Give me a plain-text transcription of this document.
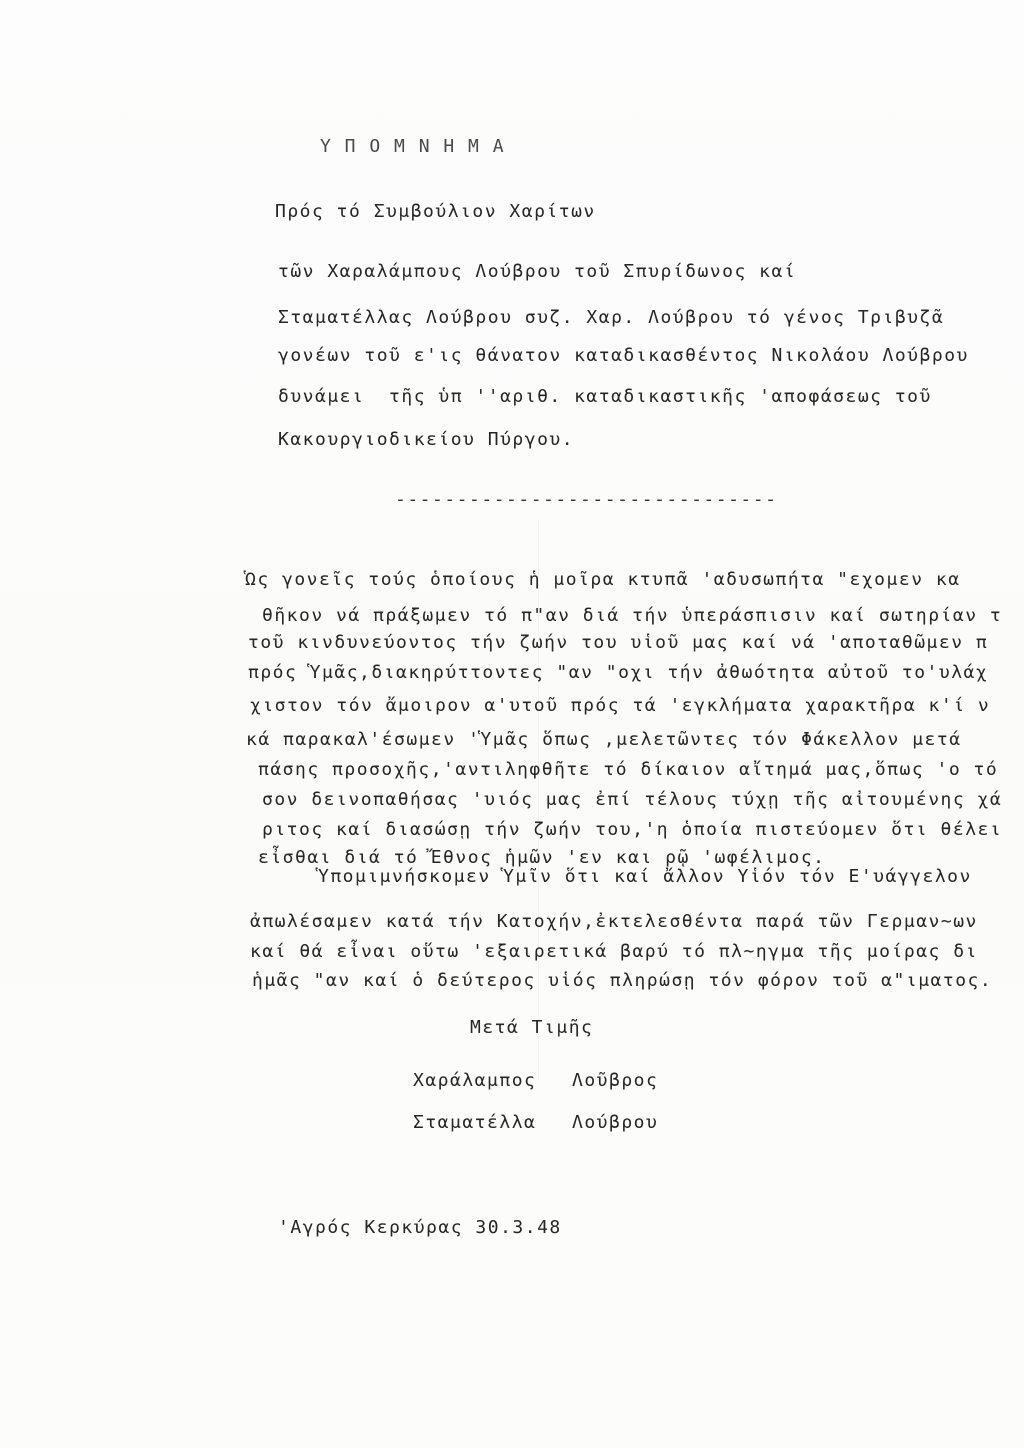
Υ Π Ο Μ Ν Η Μ Α
Πρός τό Συμβούλιον Χαρίτων
τῶν Χαραλάμπους Λούβρου τοῦ Σπυρίδωνος καί
Σταματέλλας Λούβρου συζ. Χαρ. Λούβρου τό γένος Τριβυζᾶ
γονέων τοῦ ε'ις θάνατον καταδικασθέντος Νικολάου Λούβρου
δυνάμει  τῆς ὑπ ''αριθ. καταδικαστικῆς 'αποφάσεως τοῦ
Κακουργιοδικείου Πύργου.
-------------------------------
Ὡς γονεῖς τούς ὁποίους ἡ μοῖρα κτυπᾶ 'αδυσωπήτα "εχομεν κα
θῆκον νά πράξωμεν τό π"αν διά τήν ὑπεράσπισιν καί σωτηρίαν τ
τοῦ κινδυνεύοντος τήν ζωήν του υἱοῦ μας καί νά 'αποταθῶμεν π
πρός Ὑμᾶς,διακηρύττοντες "αν "οχι τήν ἀθωότητα αὐτοῦ το'υλάχ
χιστον τόν ἄμοιρον α'υτοῦ πρός τά 'εγκλήματα χαρακτῆρα κ'ί ν
κά παρακαλ'έσωμεν 'Ὑμᾶς ὅπως ,μελετῶντες τόν Φάκελλον μετά
πάσης προσοχῆς,'αντιληφθῆτε τό δίκαιον αἴτημά μας,ὅπως 'ο τό
σον δεινοπαθήσας 'υιός μας ἐπί τέλους τύχῃ τῆς αἰτουμένης χά
ριτος καί διασώσῃ τήν ζωήν του,'η ὁποία πιστεύομεν ὅτι θέλει
εἶσθαι διά τό Ἔθνος ἡμῶν 'εν και ρῷ 'ωφέλιμος.
Ὑπομιμνήσκομεν Ὑμῖν ὅτι καί ἄλλον Υἱόν τόν Ε'υάγγελον
ἀπωλέσαμεν κατά τήν Κατοχήν,ἐκτελεσθέντα παρά τῶν Γερμαν~ων
καί θά εἶναι οὕτω 'εξαιρετικά βαρύ τό πλ~ηγμα τῆς μοίρας δι
ἡμᾶς "αν καί ὁ δεύτερος υἱός πληρώσῃ τόν φόρον τοῦ α"ιματος.
Μετά Τιμῆς
Χαράλαμπος Λοῦβρος
Σταματέλλα Λούβρου
'Αγρός Κερκύρας 30.3.48
